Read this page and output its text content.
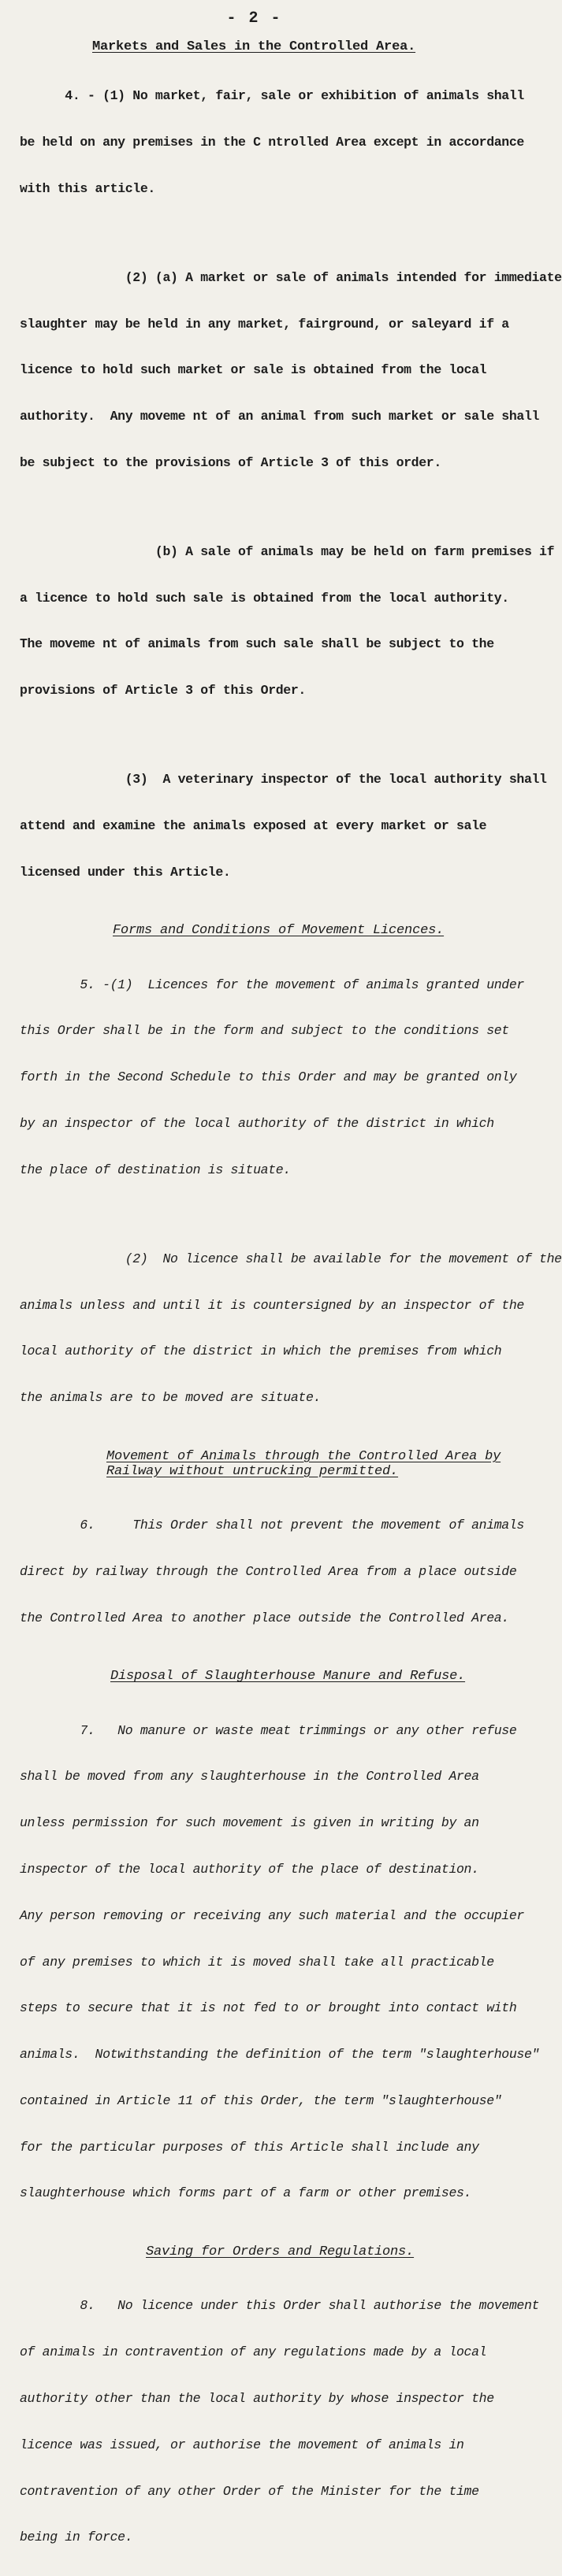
- 2 -
Markets and Sales in the Controlled Area.

4. - (1) No market, fair, sale or exhibition of animals shall

be held on any premises in the C ntrolled Area except in accordance

with this article.

(2) (a) A market or sale of animals intended for immediate

slaughter may be held in any market, fairground, or saleyard if a

licence to hold such market or sale is obtained from the local

authority.  Any moveme nt of an animal from such market or sale shall

be subject to the provisions of Article 3 of this order.

(b) A sale of animals may be held on farm premises if

a licence to hold such sale is obtained from the local authority.

The moveme nt of animals from such sale shall be subject to the

provisions of Article 3 of this Order.

(3)  A veterinary inspector of the local authority shall

attend and examine the animals exposed at every market or sale

licensed under this Article.

Forms and Conditions of Movement Licences.

5. -(1)  Licences for the movement of animals granted under

this Order shall be in the form and subject to the conditions set

forth in the Second Schedule to this Order and may be granted only

by an inspector of the local authority of the district in which

the place of destination is situate.

(2)  No licence shall be available for the movement of the

animals unless and until it is countersigned by an inspector of the

local authority of the district in which the premises from which

the animals are to be moved are situate.

Movement of Animals through the Controlled Area by
Railway without untrucking permitted.

6.     This Order shall not prevent the movement of animals

direct by railway through the Controlled Area from a place outside

the Controlled Area to another place outside the Controlled Area.

Disposal of Slaughterhouse Manure and Refuse.

7.   No manure or waste meat trimmings or any other refuse

shall be moved from any slaughterhouse in the Controlled Area

unless permission for such movement is given in writing by an

inspector of the local authority of the place of destination.

Any person removing or receiving any such material and the occupier

of any premises to which it is moved shall take all practicable

steps to secure that it is not fed to or brought into contact with

animals.  Notwithstanding the definition of the term "slaughterhouse"

contained in Article 11 of this Order, the term "slaughterhouse"

for the particular purposes of this Article shall include any

slaughterhouse which forms part of a farm or other premises.

Saving for Orders and Regulations.

8.   No licence under this Order shall authorise the movement

of animals in contravention of any regulations made by a local

authority other than the local authority by whose inspector the

licence was issued, or authorise the movement of animals in

contravention of any other Order of the Minister for the time

being in force.
